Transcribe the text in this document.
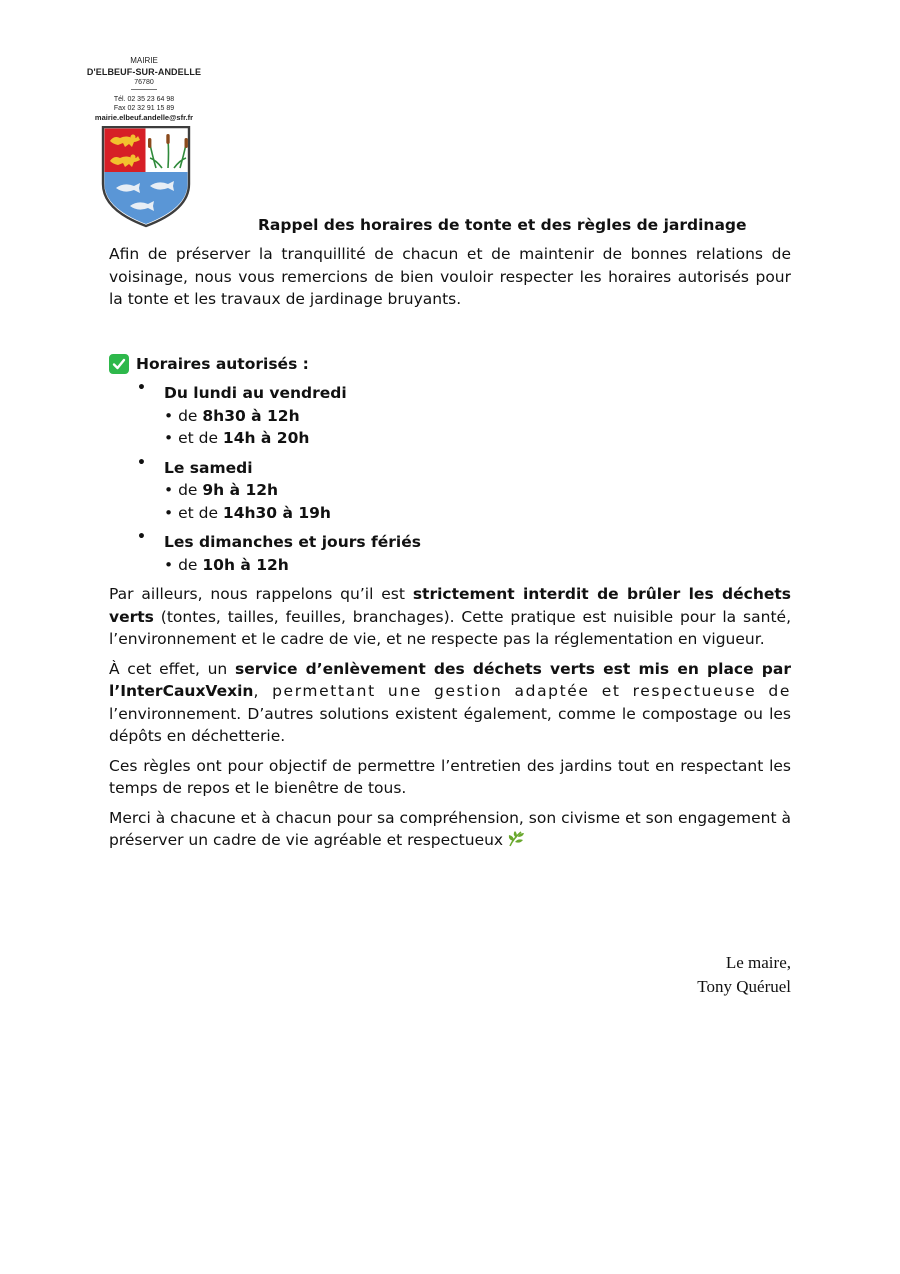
MAIRIE
D'ELBEUF-SUR-ANDELLE
76780
Tél. 02 35 23 64 98
Fax 02 32 91 15 89
mairie.elbeuf.andelle@sfr.fr
Rappel des horaires de tonte et des règles de jardinage

Afin de préserver la tranquillité de chacun et de maintenir de bonnes relations de voisinage, nous vous remercions de bien vouloir respecter les horaires autorisés pour la tonte et les travaux de jardinage bruyants.

Horaires autorisés :

• Du lundi au vendredi
• de 8h30 à 12h
• et de 14h à 20h
• Le samedi
• de 9h à 12h
• et de 14h30 à 19h
• Les dimanches et jours fériés
• de 10h à 12h

Par ailleurs, nous rappelons qu’il est strictement interdit de brûler les déchets verts (tontes, tailles, feuilles, branchages). Cette pratique est nuisible pour la santé, l’environnement et le cadre de vie, et ne respecte pas la réglementation en vigueur.

À cet effet, un service d’enlèvement des déchets verts est mis en place par l’InterCauxVexin, permettant une gestion adaptée et respectueuse de l’environnement. D’autres solutions existent également, comme le compostage ou les dépôts en déchetterie.

Ces règles ont pour objectif de permettre l’entretien des jardins tout en respectant les temps de repos et le bienêtre de tous.

Merci à chacune et à chacun pour sa compréhension, son civisme et son engagement à préserver un cadre de vie agréable et respectueux

Le maire,
Tony Quéruel
